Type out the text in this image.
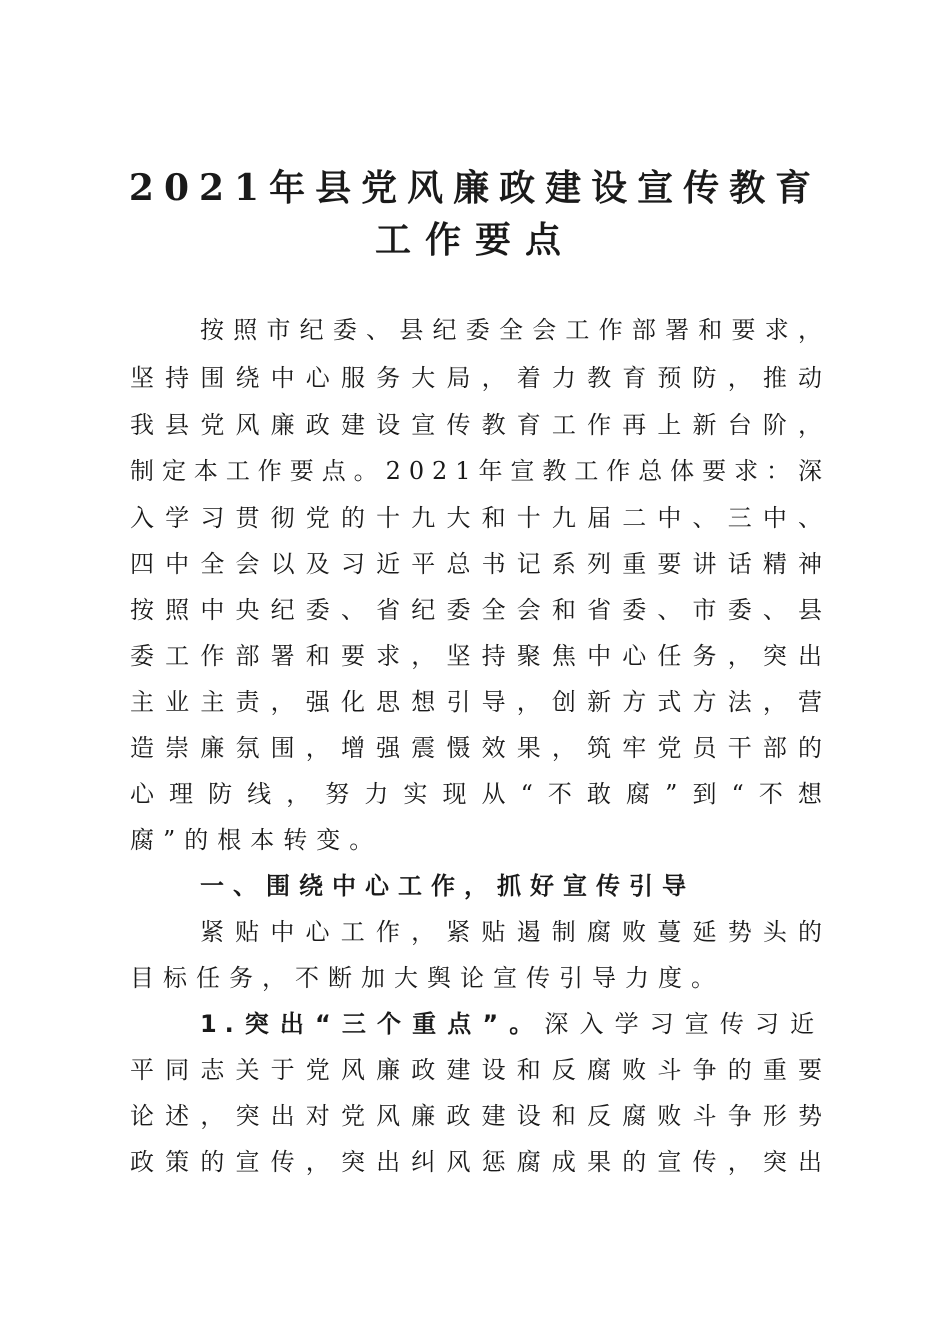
2021年县党风廉政建设宣传教育
工作要点
按照市纪委、县纪委全会工作部署和要求，
坚持围绕中心服务大局，着力教育预防，推动
我县党风廉政建设宣传教育工作再上新台阶，
制定本工作要点。2021年宣教工作总体要求：深
入学习贯彻党的十九大和十九届二中、三中、
四中全会以及习近平总书记系列重要讲话精神
按照中央纪委、省纪委全会和省委、市委、县
委工作部署和要求，坚持聚焦中心任务，突出
主业主责，强化思想引导，创新方式方法，营
造崇廉氛围，增强震慑效果，筑牢党员干部的
心理防线，努力实现从“不敢腐”到“不想
腐”的根本转变。
一、围绕中心工作，抓好宣传引导
紧贴中心工作，紧贴遏制腐败蔓延势头的
目标任务，不断加大舆论宣传引导力度。
1.突出“三个重点”。深入学习宣传习近
平同志关于党风廉政建设和反腐败斗争的重要
论述，突出对党风廉政建设和反腐败斗争形势
政策的宣传，突出纠风惩腐成果的宣传，突出
